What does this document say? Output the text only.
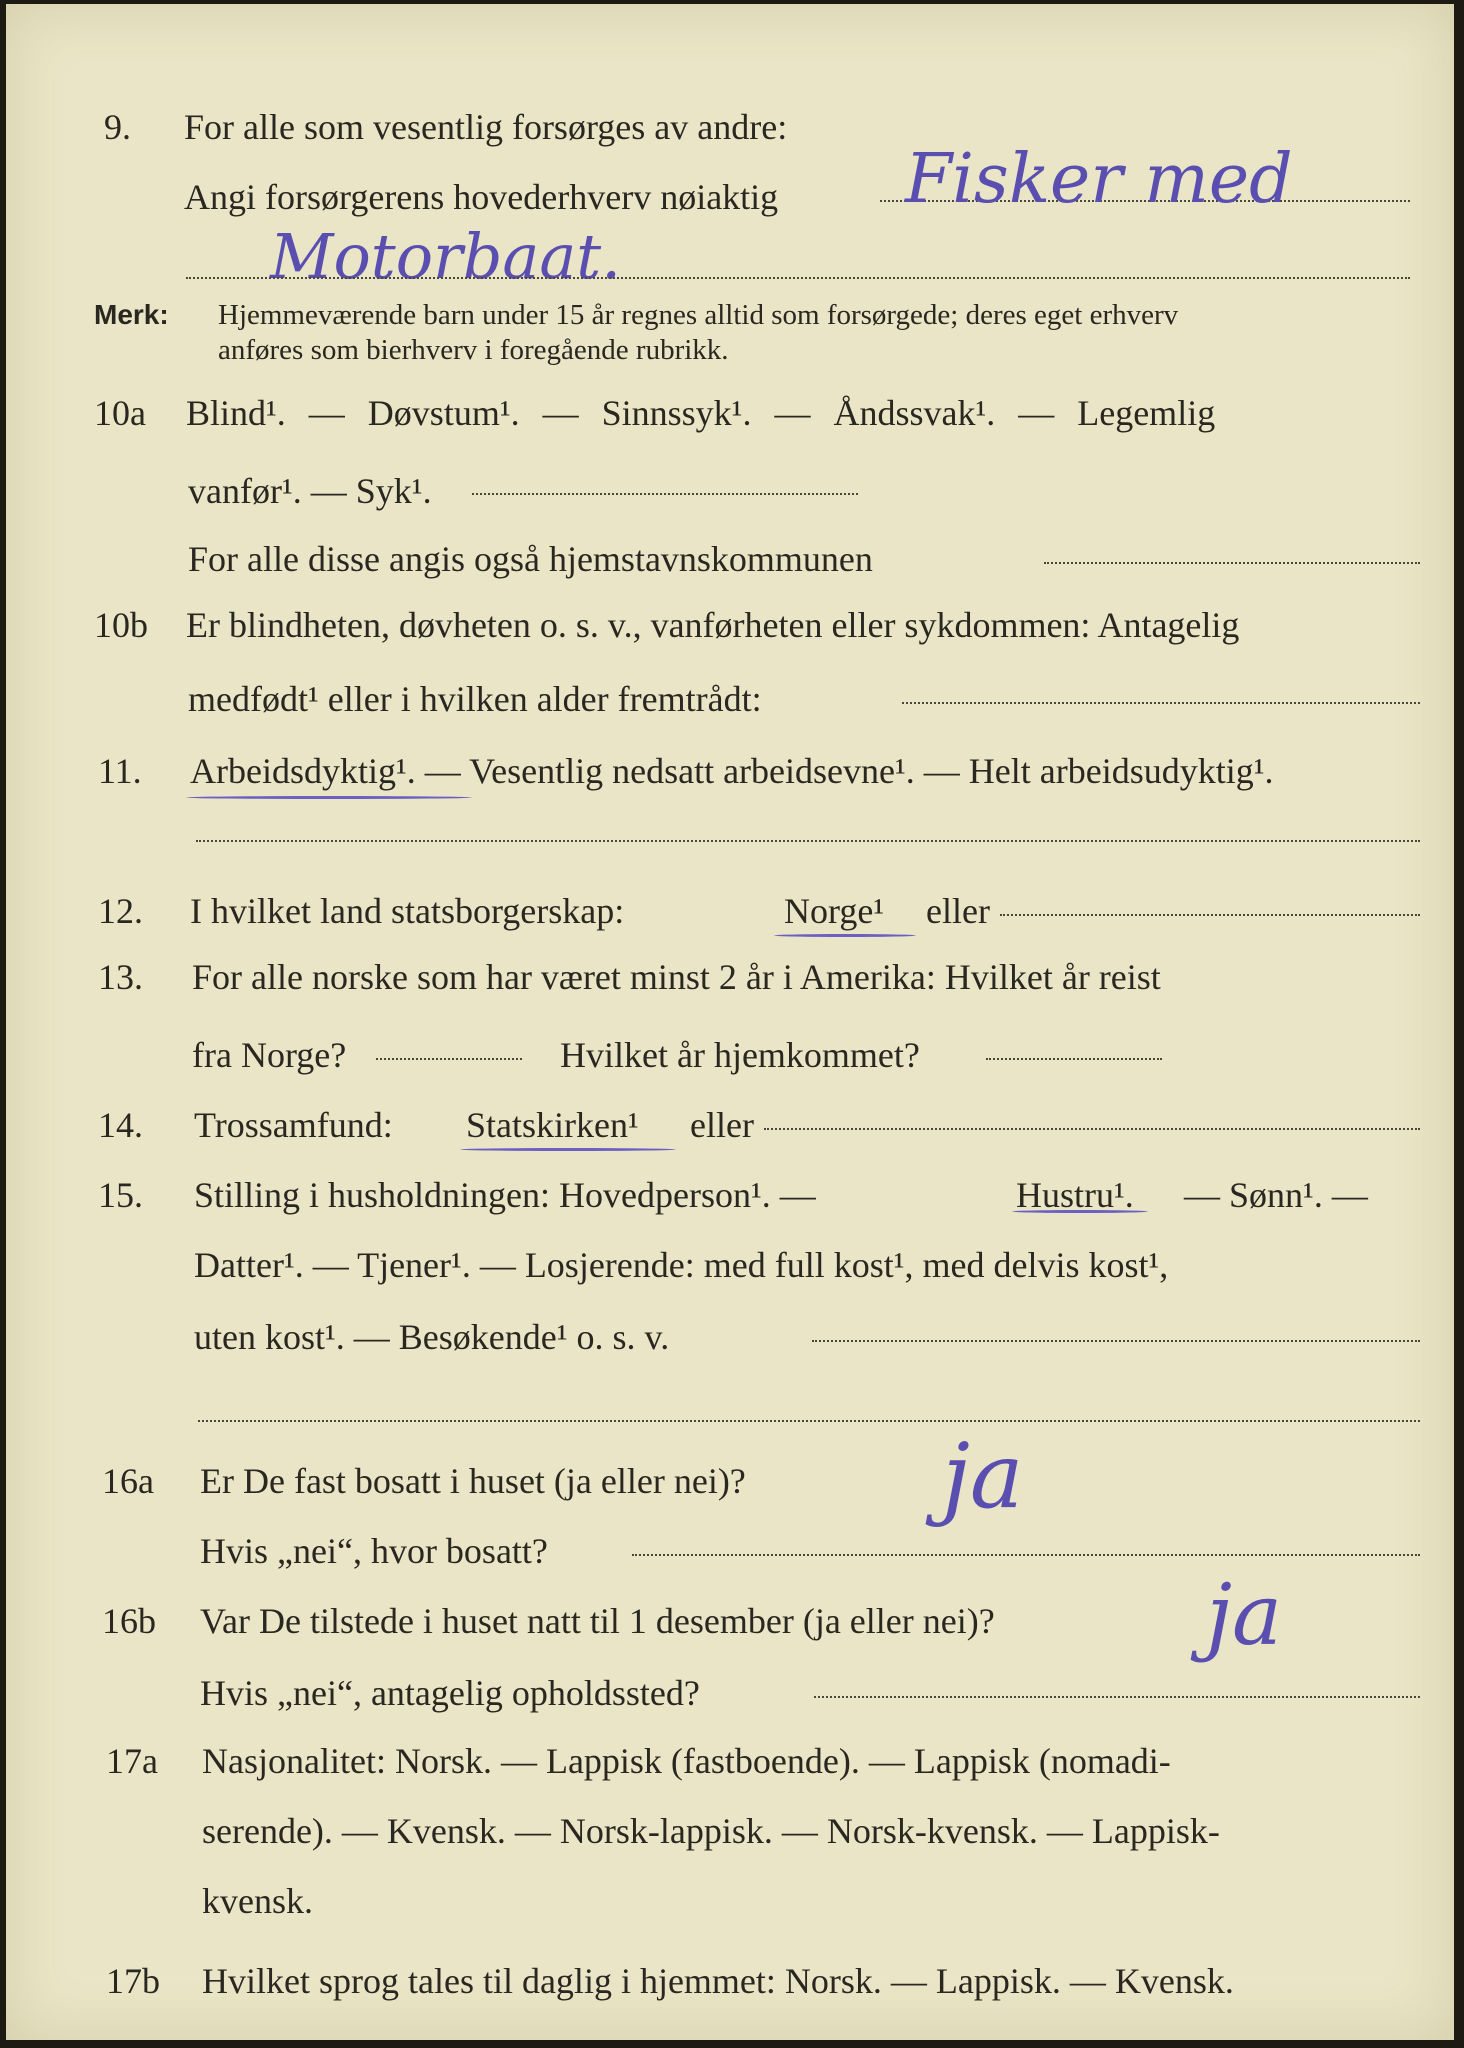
9. For alle som vesentlig forsørges av andre:
Angi forsørgerens hovederhverv nøiaktig Fisker med
Motorbaat.
Merk: Hjemmeværende barn under 15 år regnes alltid som forsørgede; deres eget erhverv
anføres som bierhverv i foregående rubrikk.
10a Blind¹. — Døvstum¹. — Sinnssyk¹. — Åndssvak¹. — Legemlig
vanfør¹. — Syk¹.
For alle disse angis også hjemstavnskommunen
10b Er blindheten, døvheten o. s. v., vanførheten eller sykdommen: Antagelig
medfødt¹ eller i hvilken alder fremtrådt:
11. Arbeidsdyktig¹. — Vesentlig nedsatt arbeidsevne¹. — Helt arbeidsudyktig¹.
12. I hvilket land statsborgerskap:	Norge¹ eller
13. For alle norske som har været minst 2 år i Amerika: Hvilket år reist
fra Norge?	Hvilket år hjemkommet?
14. Trossamfund: Statskirken¹ eller
15. Stilling i husholdningen: Hovedperson¹. —	Hustru¹. — Sønn¹. —
Datter¹. — Tjener¹. — Losjerende: med full kost¹, med delvis kost¹,
uten kost¹. — Besøkende¹ o. s. v.
16a Er De fast bosatt i huset (ja eller nei)? ja
Hvis „nei“, hvor bosatt?
16b Var De tilstede i huset natt til 1 desember (ja eller nei)?	ja
Hvis „nei“, antagelig opholdssted?
17a Nasjonalitet: Norsk. — Lappisk (fastboende). — Lappisk (nomadi-
serende). — Kvensk. — Norsk-lappisk. — Norsk-kvensk. — Lappisk-
kvensk.
17b Hvilket sprog tales til daglig i hjemmet: Norsk. — Lappisk. — Kvensk.
